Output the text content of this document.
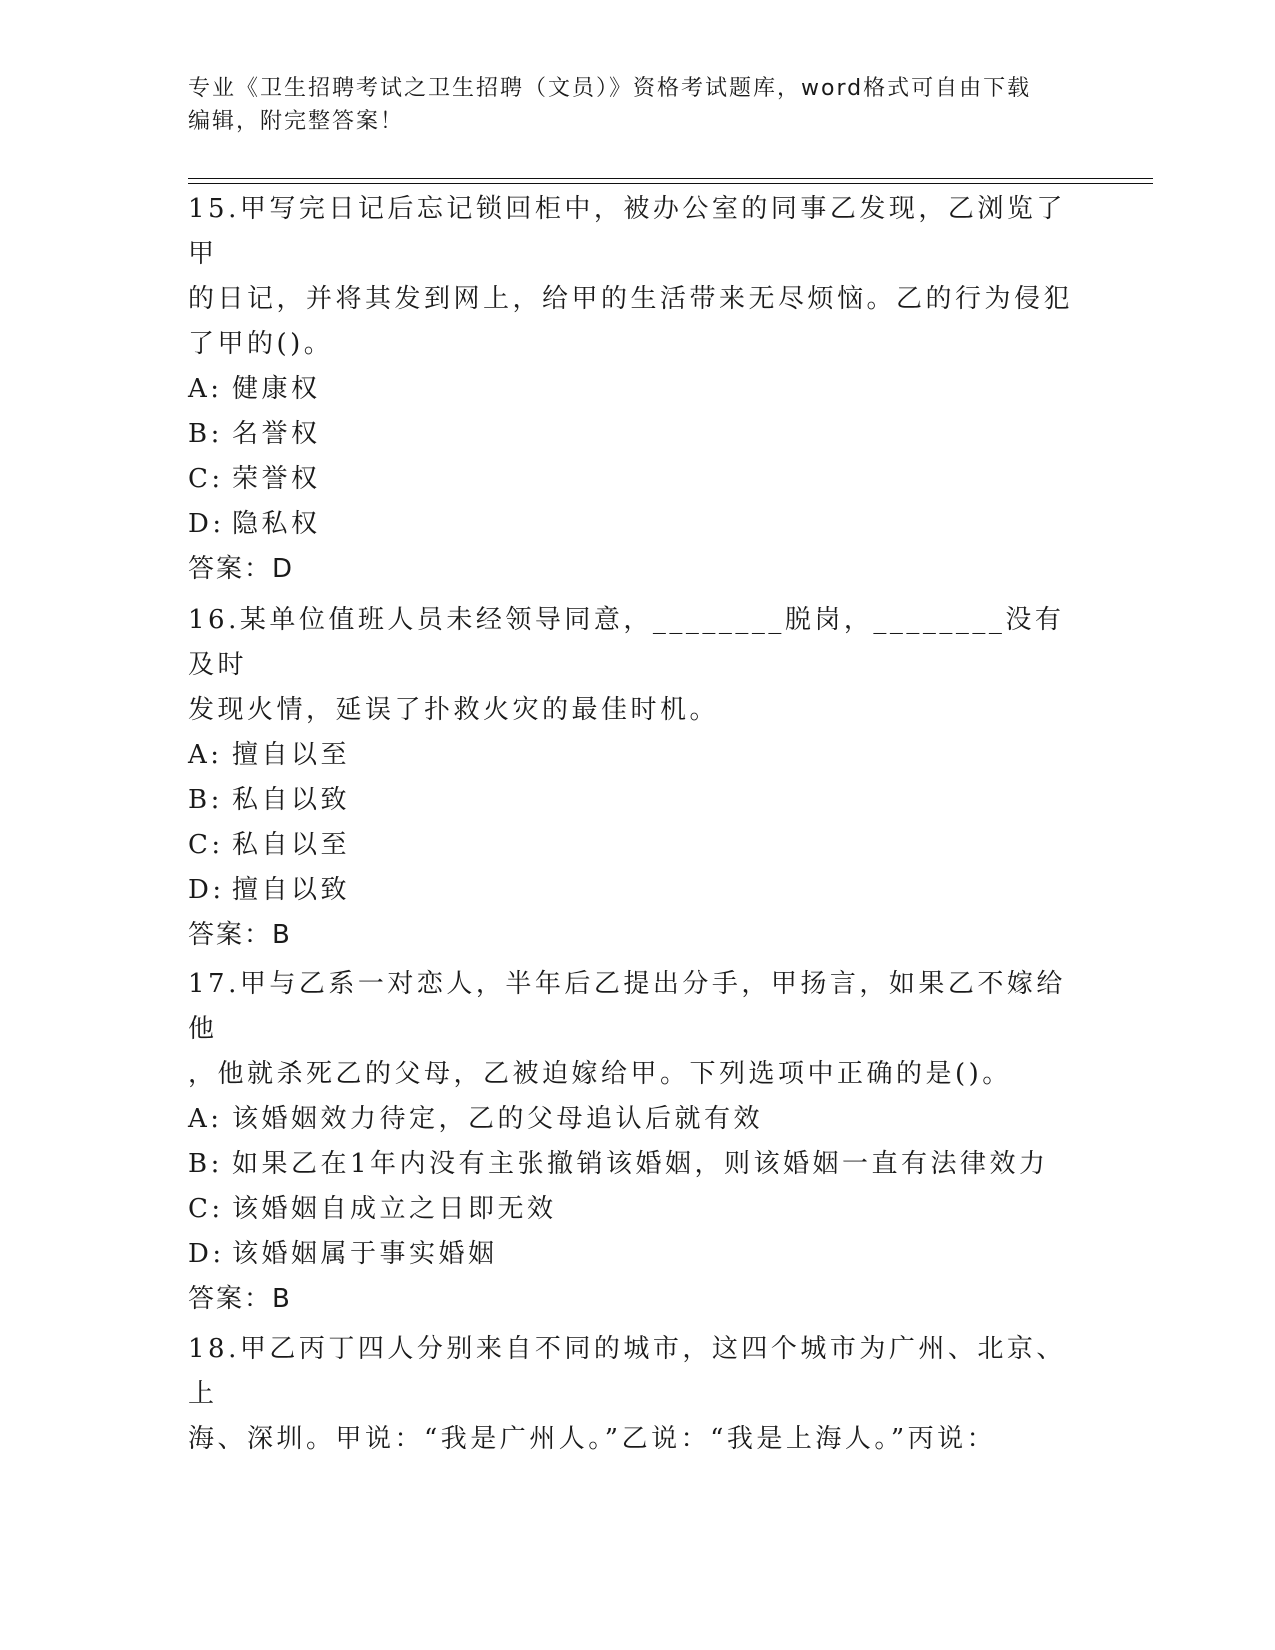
专业《卫生招聘考试之卫生招聘（文员）》资格考试题库，word格式可自由下载
编辑，附完整答案！
15.甲写完日记后忘记锁回柜中，被办公室的同事乙发现，乙浏览了甲
的日记，并将其发到网上，给甲的生活带来无尽烦恼。乙的行为侵犯
了甲的()。
A: 健康权
B: 名誉权
C: 荣誉权
D: 隐私权
答案：D
16.某单位值班人员未经领导同意，________脱岗，________没有及时
发现火情，延误了扑救火灾的最佳时机。
A: 擅自以至
B: 私自以致
C: 私自以至
D: 擅自以致
答案：B
17.甲与乙系一对恋人，半年后乙提出分手，甲扬言，如果乙不嫁给他
，他就杀死乙的父母，乙被迫嫁给甲。下列选项中正确的是()。
A: 该婚姻效力待定，乙的父母追认后就有效
B: 如果乙在1年内没有主张撤销该婚姻，则该婚姻一直有法律效力
C: 该婚姻自成立之日即无效
D: 该婚姻属于事实婚姻
答案：B
18.甲乙丙丁四人分别来自不同的城市，这四个城市为广州、北京、上
海、深圳。甲说：“我是广州人。”乙说：“我是上海人。”丙说：
